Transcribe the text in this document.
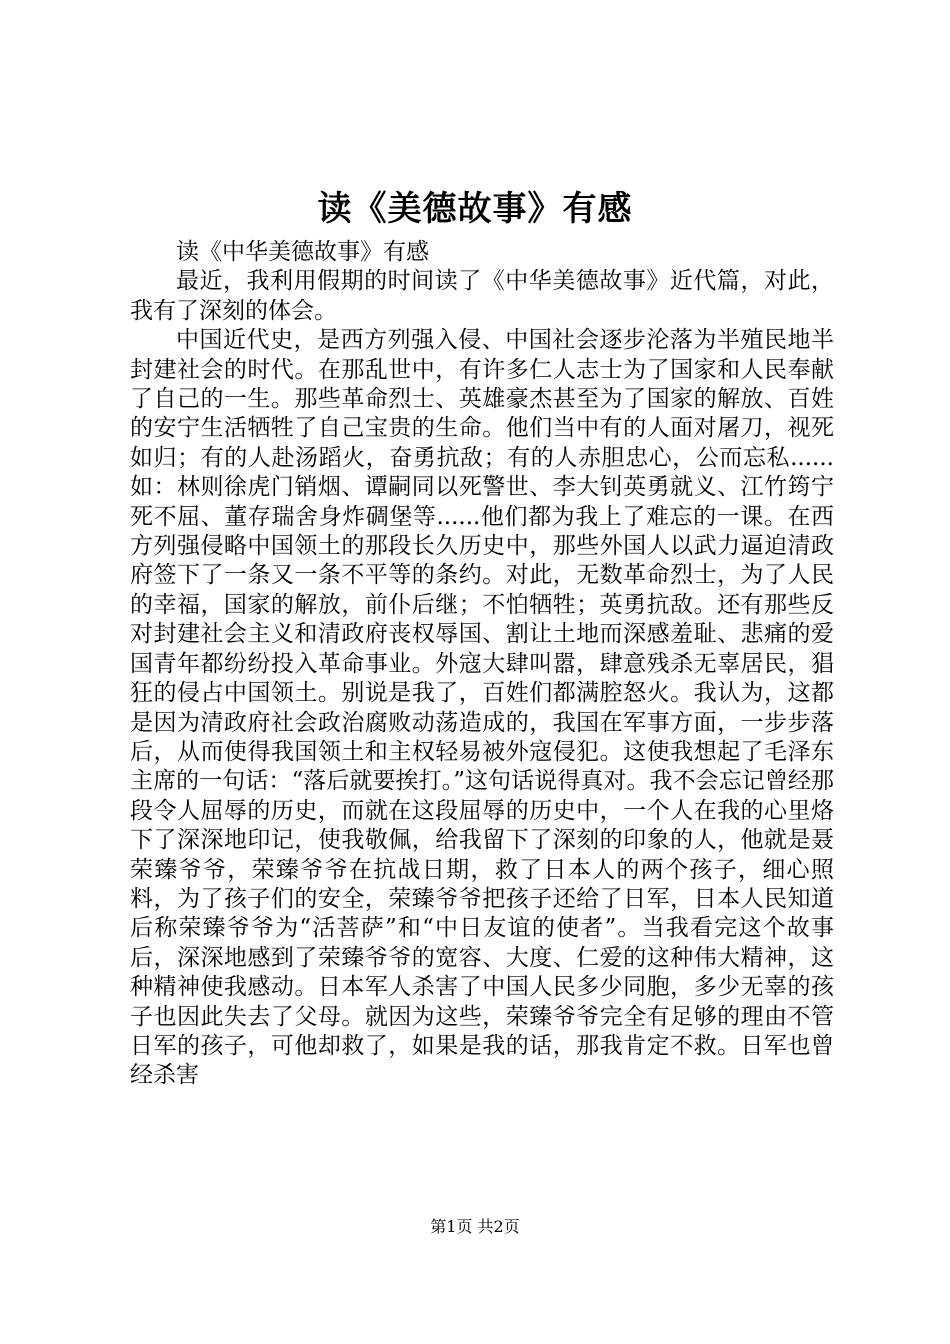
读《美德故事》有感

读《中华美德故事》有感

最近，我利用假期的时间读了《中华美德故事》近代篇，对此，我有了深刻的体会。

中国近代史，是西方列强入侵、中国社会逐步沦落为半殖民地半封建社会的时代。在那乱世中，有许多仁人志士为了国家和人民奉献了自己的一生。那些革命烈士、英雄豪杰甚至为了国家的解放、百姓的安宁生活牺牲了自己宝贵的生命。他们当中有的人面对屠刀，视死如归；有的人赴汤蹈火，奋勇抗敌；有的人赤胆忠心，公而忘私......如：林则徐虎门销烟、谭嗣同以死警世、李大钊英勇就义、江竹筠宁死不屈、董存瑞舍身炸碉堡等......他们都为我上了难忘的一课。在西方列强侵略中国领土的那段长久历史中，那些外国人以武力逼迫清政府签下了一条又一条不平等的条约。对此，无数革命烈士，为了人民的幸福，国家的解放，前仆后继；不怕牺牲；英勇抗敌。还有那些反对封建社会主义和清政府丧权辱国、割让土地而深感羞耻、悲痛的爱国青年都纷纷投入革命事业。外寇大肆叫嚣，肆意残杀无辜居民，猖狂的侵占中国领土。别说是我了，百姓们都满腔怒火。我认为，这都是因为清政府社会政治腐败动荡造成的，我国在军事方面，一步步落后，从而使得我国领土和主权轻易被外寇侵犯。这使我想起了毛泽东主席的一句话：“落后就要挨打。”这句话说得真对。我不会忘记曾经那段令人屈辱的历史，而就在这段屈辱的历史中，一个人在我的心里烙下了深深地印记，使我敬佩，给我留下了深刻的印象的人，他就是聂荣臻爷爷，荣臻爷爷在抗战日期，救了日本人的两个孩子，细心照料，为了孩子们的安全，荣臻爷爷把孩子还给了日军，日本人民知道后称荣臻爷爷为“活菩萨”和“中日友谊的使者”。当我看完这个故事后，深深地感到了荣臻爷爷的宽容、大度、仁爱的这种伟大精神，这种精神使我感动。日本军人杀害了中国人民多少同胞，多少无辜的孩子也因此失去了父母。就因为这些，荣臻爷爷完全有足够的理由不管日军的孩子，可他却救了，如果是我的话，那我肯定不救。日军也曾经杀害

第1页 共2页
